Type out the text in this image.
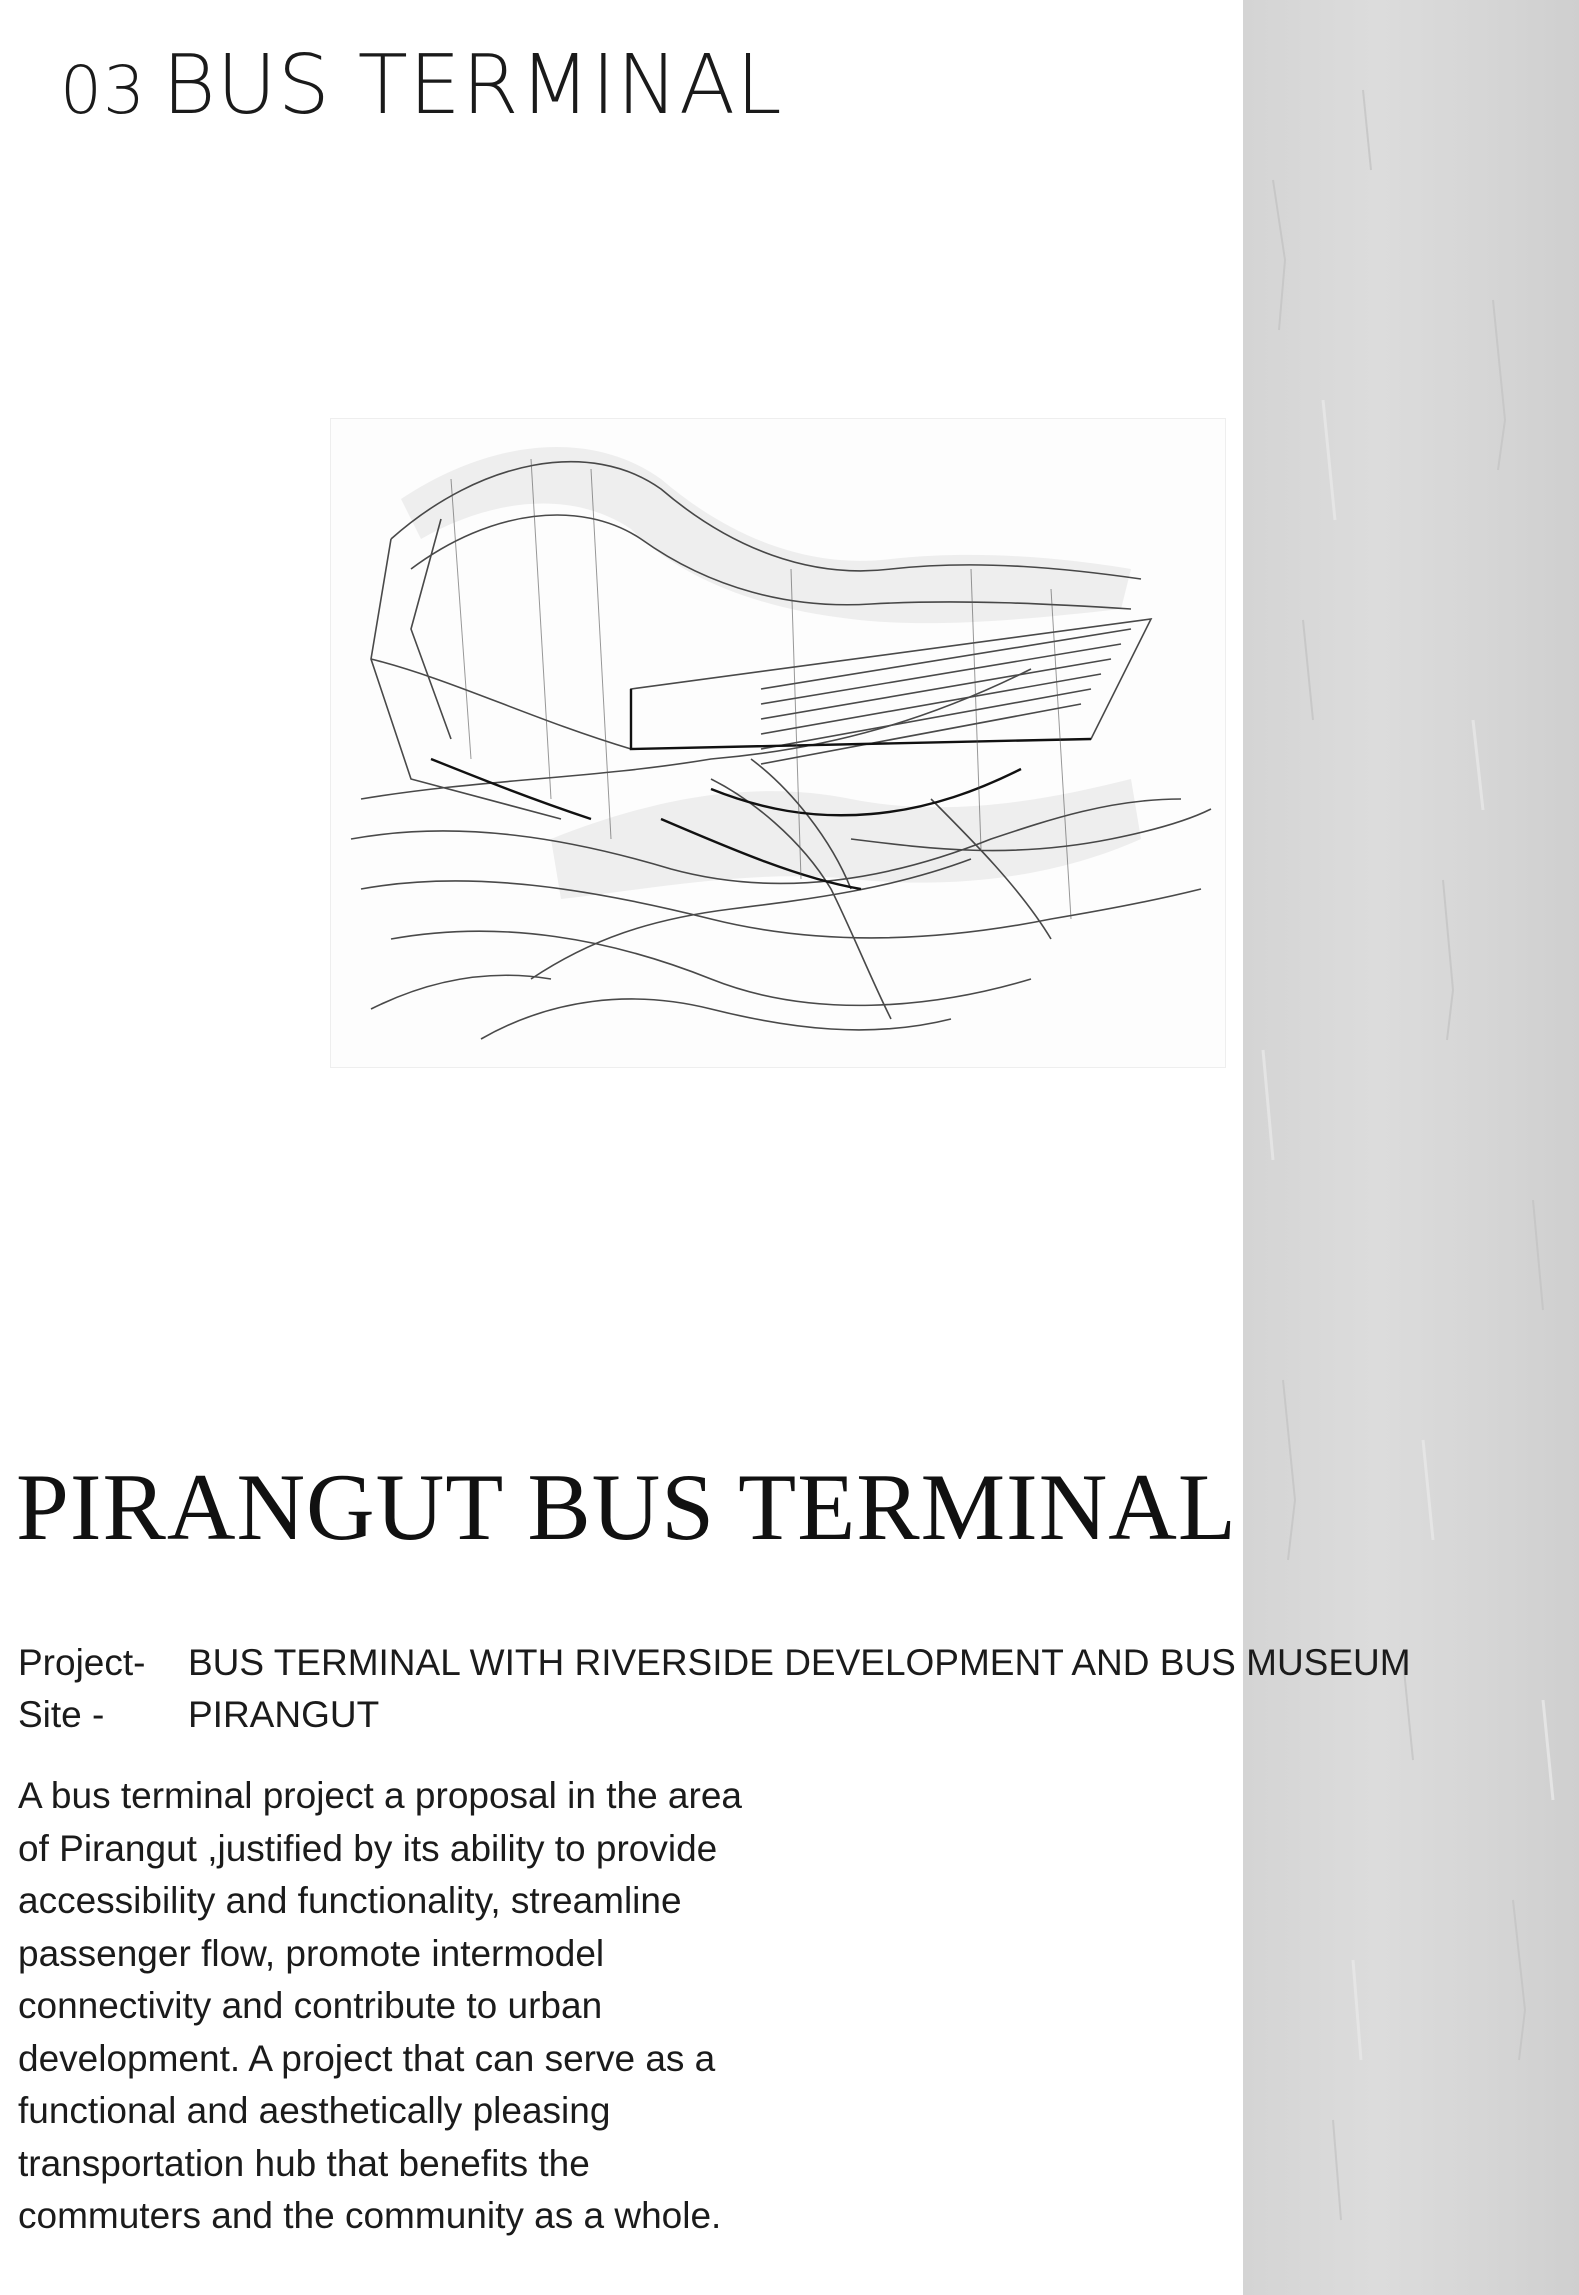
03 BUS TERMINAL
PIRANGUT BUS TERMINAL
Project- BUS TERMINAL WITH RIVERSIDE DEVELOPMENT AND BUS MUSEUM
Site - PIRANGUT

A bus terminal project a proposal in the area
of Pirangut ,justified by its ability to provide
accessibility and functionality, streamline
passenger flow, promote intermodel
connectivity and contribute to urban
development. A project that can serve as a
functional and aesthetically pleasing
transportation hub that benefits the
commuters and the community as a whole.
